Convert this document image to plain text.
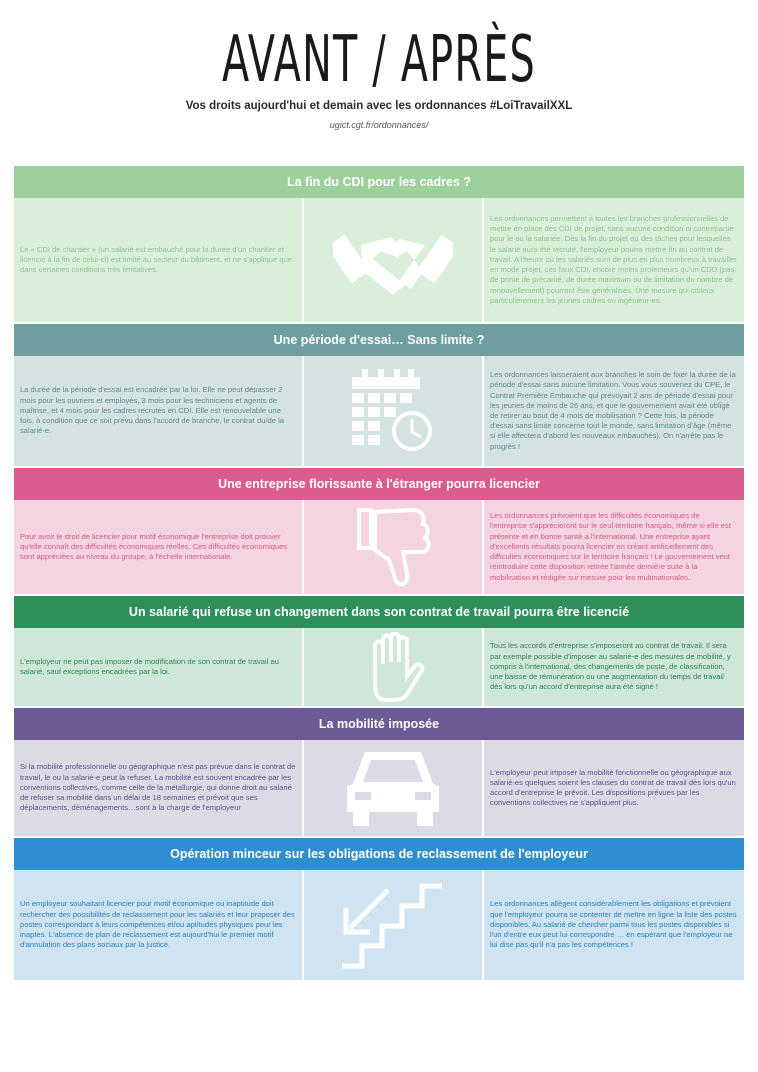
AVANT / APRÈS
Vos droits aujourd'hui et demain avec les ordonnances #LoiTravailXXL
ugict.cgt.fr/ordonnances/
La fin du CDI pour les cadres ?
Le « CDI de chantier » (un salarié est embauché pour la durée d'un chantier et licencié à la fin de celui-ci) est limité au secteur du bâtiment, et ne s'applique que dans certaines conditions très limitatives.
Les ordonnances permettent à toutes les branches professionnelles de mettre en place des CDI de projet, sans aucune condition ni contrepartie pour le ou la salariée. Dès la fin du projet ou des tâches pour lesquelles le salarié aura été recruté, l'employeur pourra mettre fin au contrat de travail. A l'heure où les salariés sont de plus en plus nombreux à travailler en mode projet, ces faux CDI, encore moins protecteurs qu'un CDD (pas de prime de précarité, de durée maximum ou de limitation du nombre de renouvellement) pourront être généralisés. Une mesure qui ciblera particulièrement les jeunes cadres ou ingénieur-es.
Une période d'essai… Sans limite ?
La durée de la période d'essai est encadrée par la loi. Elle ne peut dépasser 2 mois pour les ouvriers et employés, 3 mois pour les techniciens et agents de maîtrise, et 4 mois pour les cadres recrutés en CDI. Elle est renouvelable une fois, à condition que ce soit prévu dans l'accord de branche, le contrat du/de la salarié-e.
Les ordonnances laisseraient aux branches le soin de fixer la durée de la période d'essai sans aucune limitation. Vous vous souvenez du CPE, le Contrat Première Embauche qui prévoyait 2 ans de période d'essai pour les jeunes de moins de 26 ans, et que le gouvernement avait été obligé de retirer au bout de 4 mois de mobilisation ? Cette fois, la période d'essai sans limite concerne tout le monde, sans limitation d'âge (même si elle affectera d'abord les nouveaux embauchés). On n'arrête pas le progrès !
Une entreprise florissante à l'étranger pourra licencier
Pour avoir le droit de licencier pour motif économique l'entreprise doit prouver qu'elle connaît des difficultés économiques réelles. Ces difficultés économiques sont appréciées au niveau du groupe, à l'échelle internationale.
Les ordonnances prévoient que les difficultés économiques de l'entreprise s'apprécieront sur le seul territoire français, même si elle est présente et en bonne santé à l'international. Une entreprise ayant d'excellents résultats pourra licencier en créant artificiellement des difficultés économiques sur le territoire français ! Le gouvernement veut réintroduire cette disposition retirée l'année dernière suite à la mobilisation et rédigée sur mesure pour les multinationales.
Un salarié qui refuse un changement dans son contrat de travail pourra être licencié
L'employeur ne peut pas imposer de modification de son contrat de travail au salarié, sauf exceptions encadrées par la loi.
Tous les accords d'entreprise s'imposeront au contrat de travail. Il sera par exemple possible d'imposer au salarié-e des mesures de mobilité, y compris à l'international, des changements de poste, de classification, une baisse de rémunération ou une augmentation du temps de travail dès lors qu'un accord d'entreprise aura été signé !
La mobilité imposée
Si la mobilité professionnelle ou géographique n'est pas prévue dans le contrat de travail, le ou la salarié-e peut la refuser. La mobilité est souvent encadrée par les conventions collectives, comme celle de la métallurgie, qui donne droit au salarié de refuser sa mobilité dans un délai de 18 semaines et prévoit que ses déplacements, déménagements…sont à la charge de l'employeur
L'employeur peut imposer la mobilité fonctionnelle ou géographique aux salarié-es quelques soient les clauses du contrat de travail dès lors qu'un accord d'entreprise le prévoit. Les dispositions prévues par les conventions collectives ne s'appliquent plus.
Opération minceur sur les obligations de reclassement de l'employeur
Un employeur souhaitant licencier pour motif économique ou inaptitude doit rechercher des possibilités de reclassement pour les salariés et leur proposer des postes correspondant à leurs compétences et/ou aptitudes physiques pour les inaptes. L'absence de plan de reclassement est aujourd'hui le premier motif d'annulation des plans sociaux par la justice.
Les ordonnances allègent considérablement les obligations et prévoient que l'employeur pourra se contenter de mettre en ligne la liste des postes disponibles. Au salarié de chercher parmi tous les postes disponibles si l'un d'entre eux peut lui correspondre … en espérant que l'employeur ne lui dise pas qu'il n'a pas les compétences !
